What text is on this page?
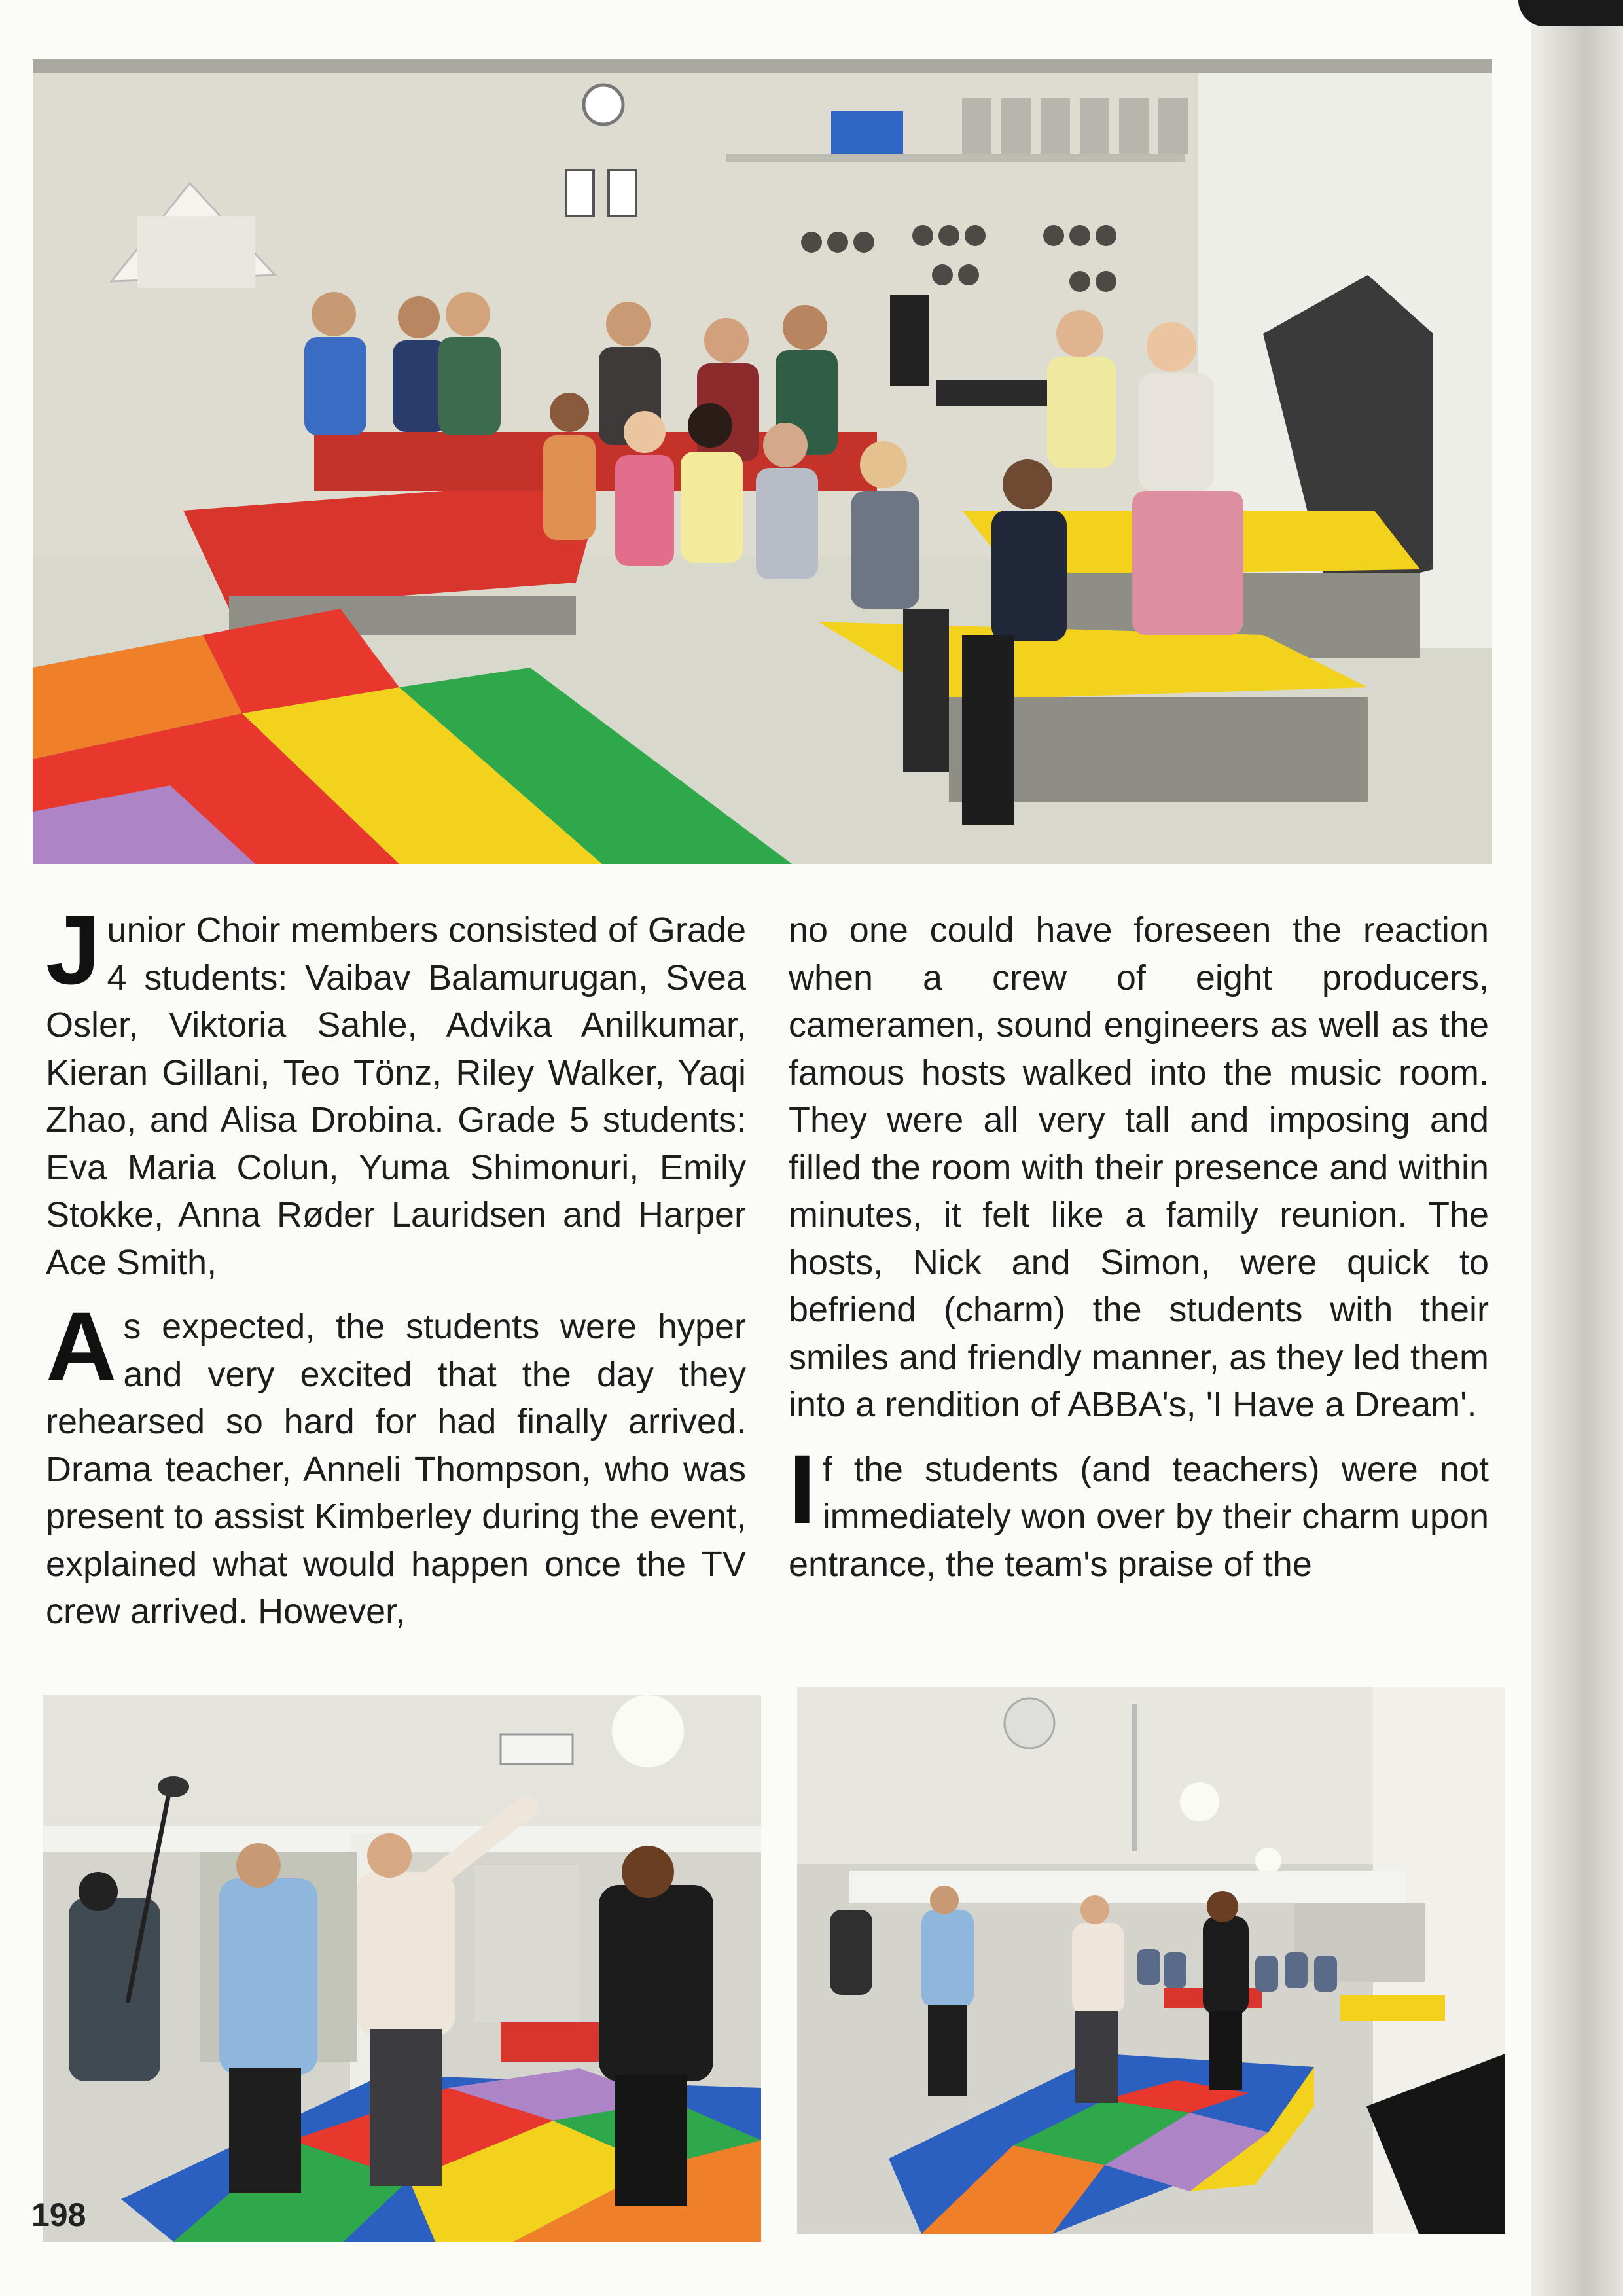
Junior Choir members consisted of Grade 4 students: Vaibav Balamurugan, Svea Osler, Viktoria Sahle, Advika Anilkumar, Kieran Gillani, Teo Tönz, Riley Walker, Yaqi Zhao, and Alisa Drobina. Grade 5 students: Eva Maria Colun, Yuma Shimonuri, Emily Stokke, Anna Røder Lauridsen and Harper Ace Smith,

As expected, the students were hyper and very excited that the day they rehearsed so hard for had finally arrived. Drama teacher, Anneli Thompson, who was present to assist Kimberley during the event, explained what would happen once the TV crew arrived. However,

no one could have foreseen the reaction when a crew of eight producers, cameramen, sound engineers as well as the famous hosts walked into the music room. They were all very tall and imposing and filled the room with their presence and within minutes, it felt like a family reunion. The hosts, Nick and Simon, were quick to befriend (charm) the students with their smiles and friendly manner, as they led them into a rendition of ABBA's, 'I Have a Dream'.

If the students (and teachers) were not immediately won over by their charm upon entrance, the team's praise of the

198
